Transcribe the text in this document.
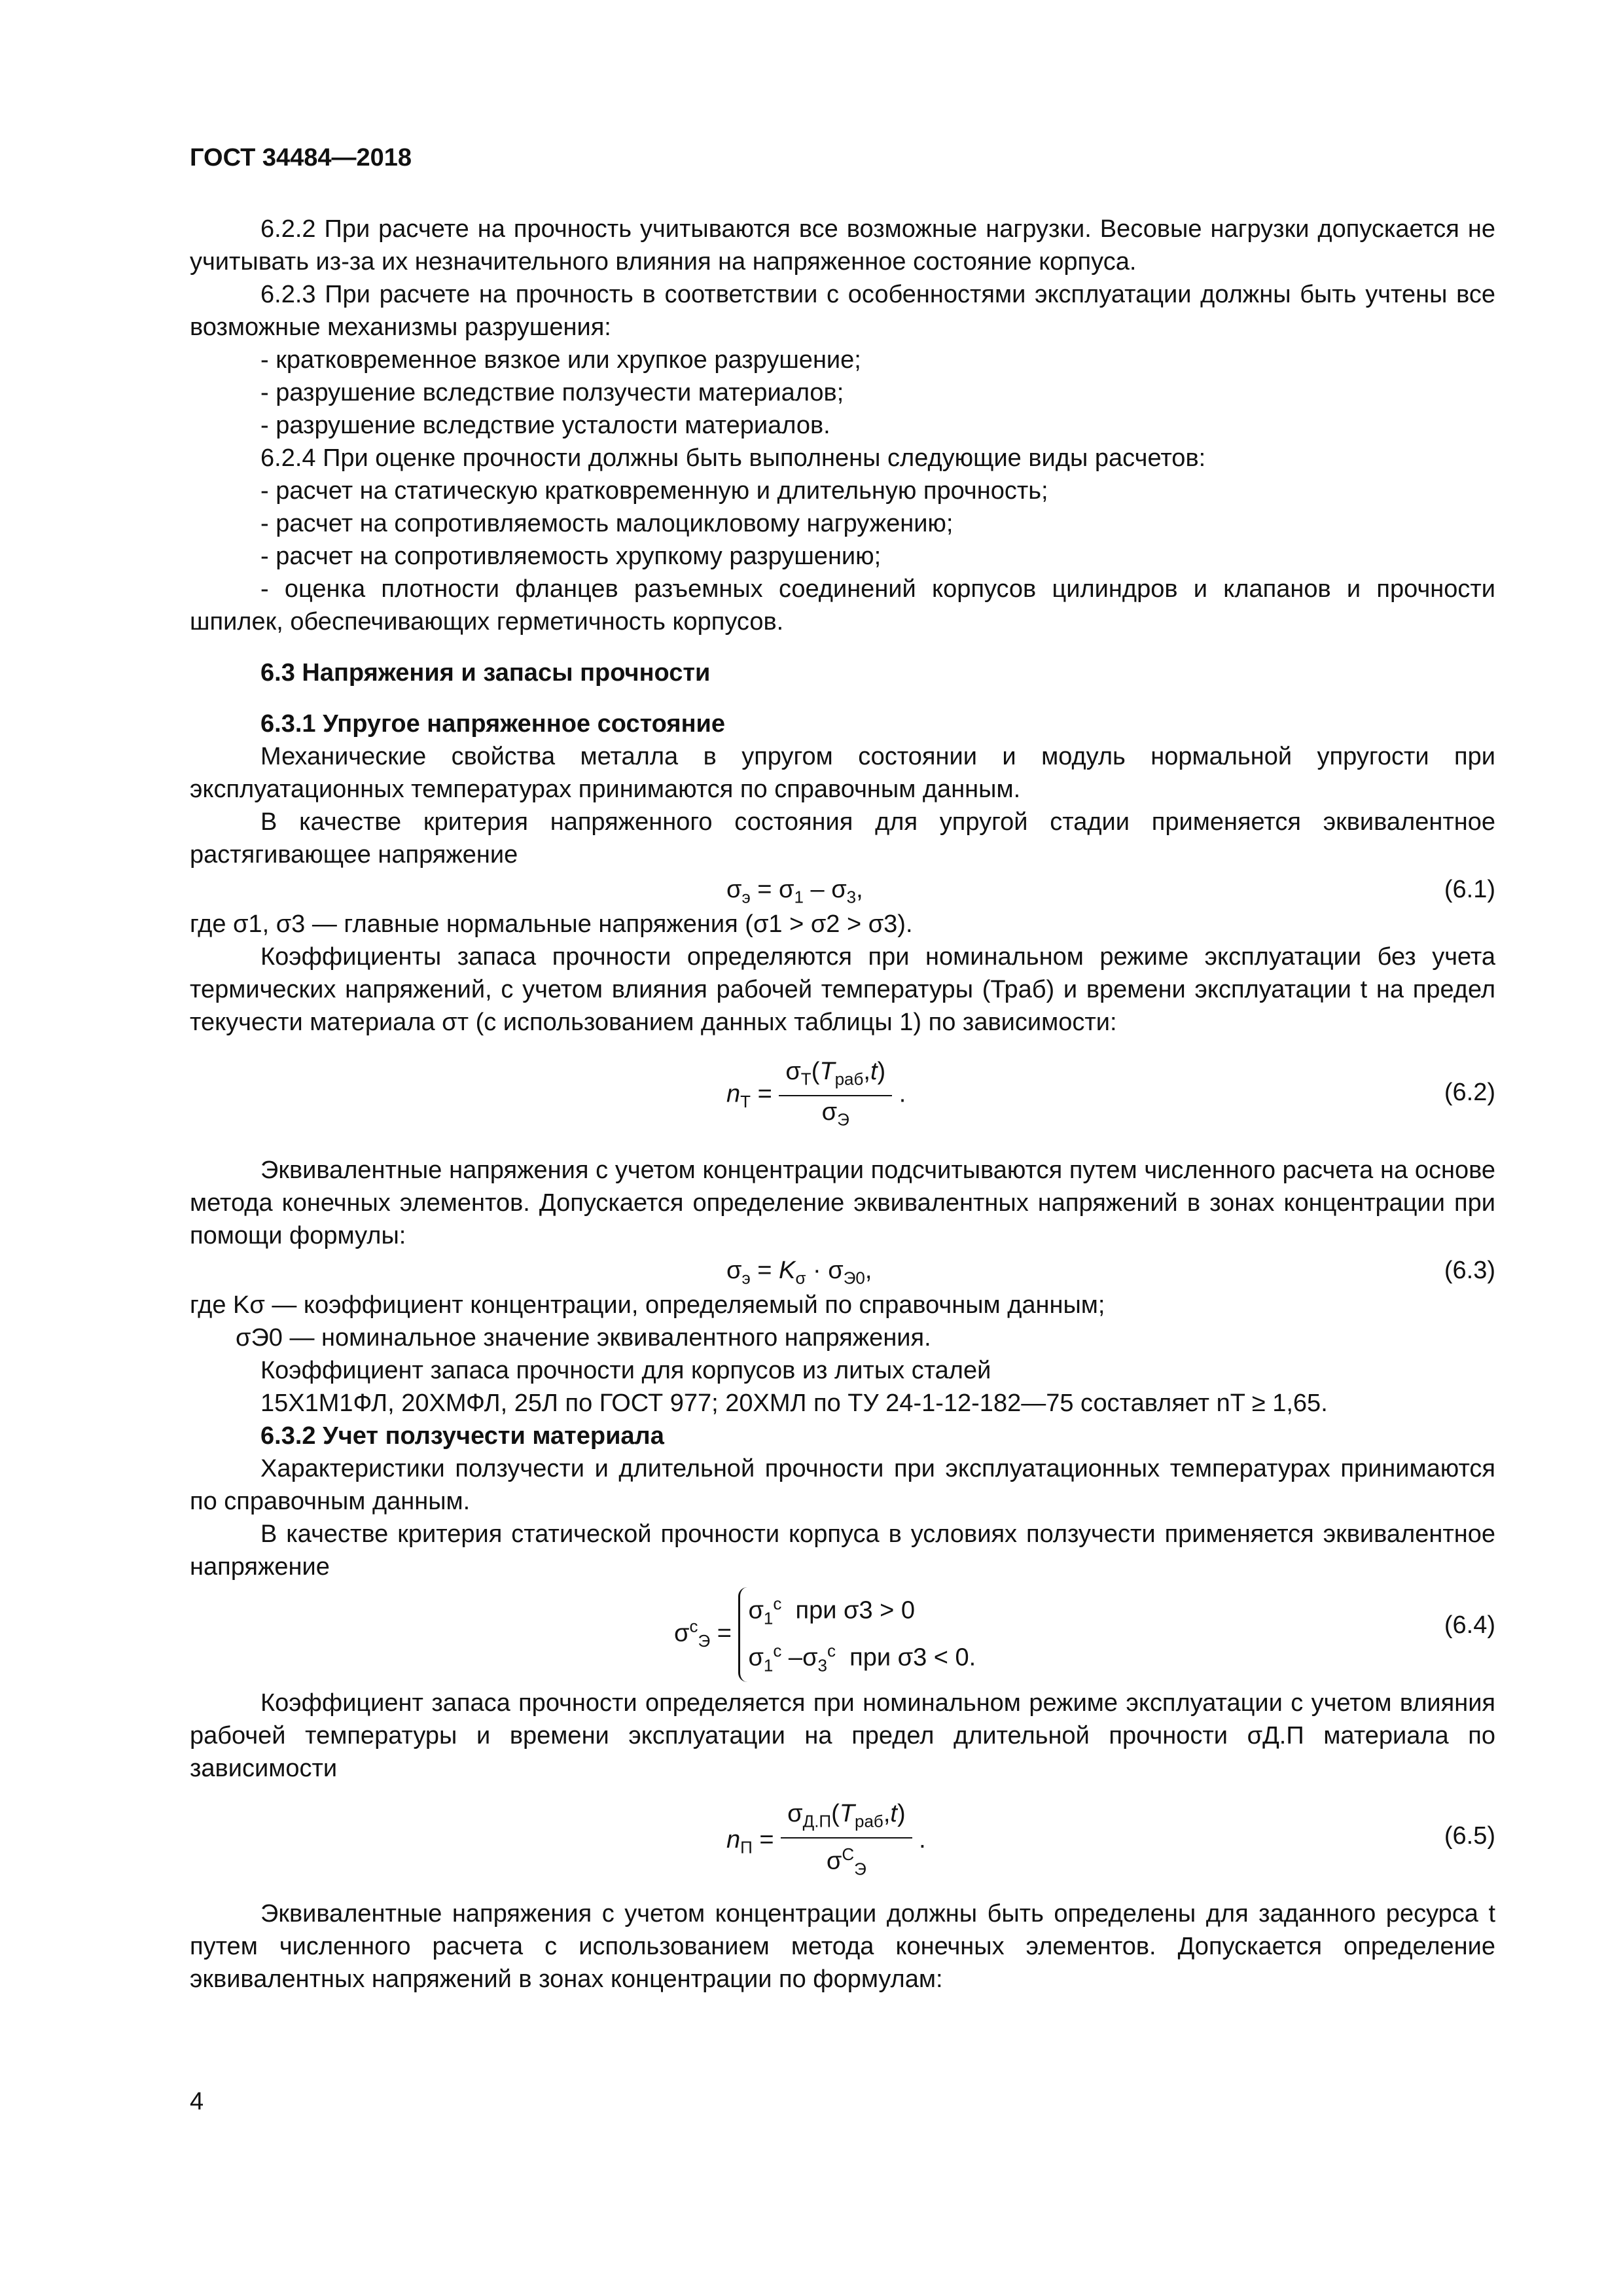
ГОСТ 34484—2018

6.2.2 При расчете на прочность учитываются все возможные нагрузки. Весовые нагрузки допускается не учитывать из-за их незначительного влияния на напряженное состояние корпуса.

6.2.3 При расчете на прочность в соответствии с особенностями эксплуатации должны быть учтены все возможные механизмы разрушения:

- кратковременное вязкое или хрупкое разрушение;
- разрушение вследствие ползучести материалов;
- разрушение вследствие усталости материалов.

6.2.4 При оценке прочности должны быть выполнены следующие виды расчетов:

- расчет на статическую кратковременную и длительную прочность;
- расчет на сопротивляемость малоцикловому нагружению;
- расчет на сопротивляемость хрупкому разрушению;

- оценка плотности фланцев разъемных соединений корпусов цилиндров и клапанов и прочности шпилек, обеспечивающих герметичность корпусов.

6.3 Напряжения и запасы прочности

6.3.1 Упругое напряженное состояние

Механические свойства металла в упругом состоянии и модуль нормальной упругости при эксплуатационных температурах принимаются по справочным данным.

В качестве критерия напряженного состояния для упругой стадии применяется эквивалентное растягивающее напряжение

$\sigma_э = \sigma_1 - \sigma_3$,	(6.1)

где σ1, σ3 — главные нормальные напряжения (σ1 > σ2 > σ3).

Коэффициенты запаса прочности определяются при номинальном режиме эксплуатации без учета термических напряжений, с учетом влияния рабочей температуры (Траб) и времени эксплуатации t на предел текучести материала σт (с использованием данных таблицы 1) по зависимости:

$n_Т = \frac{\sigma_Т(Т_{раб},t)}{\sigma_Э}$ .	(6.2)

Эквивалентные напряжения с учетом концентрации подсчитываются путем численного расчета на основе метода конечных элементов. Допускается определение эквивалентных напряжений в зонах концентрации при помощи формулы:

$\sigma_э = K_\sigma \cdot \sigma_{Э0}$,	(6.3)

где Kσ — коэффициент концентрации, определяемый по справочным данным;

σЭ0 — номинальное значение эквивалентного напряжения.

Коэффициент запаса прочности для корпусов из литых сталей

15Х1М1ФЛ, 20ХМФЛ, 25Л по ГОСТ 977; 20ХМЛ по ТУ 24-1-12-182—75 составляет nT ≥ 1,65.

6.3.2 Учет ползучести материала

Характеристики ползучести и длительной прочности при эксплуатационных температурах принимаются по справочным данным.

В качестве критерия статической прочности корпуса в условиях ползучести применяется эквивалентное напряжение

$\sigma^с_Э = \sigma_1^с$ при σ3 > 0
$\sigma_1^с$ $-\sigma_3^с$ при σ3 < 0.
(6.4)

Коэффициент запаса прочности определяется при номинальном режиме эксплуатации с учетом влияния рабочей температуры и времени эксплуатации на предел длительной прочности σД.П материала по зависимости

$n_П = \frac{\sigma_{Д.П}(Т_{раб},t)}{\sigma^С_Э}$ .	(6.5)

Эквивалентные напряжения с учетом концентрации должны быть определены для заданного ресурса t путем численного расчета с использованием метода конечных элементов. Допускается определение эквивалентных напряжений в зонах концентрации по формулам:

4
